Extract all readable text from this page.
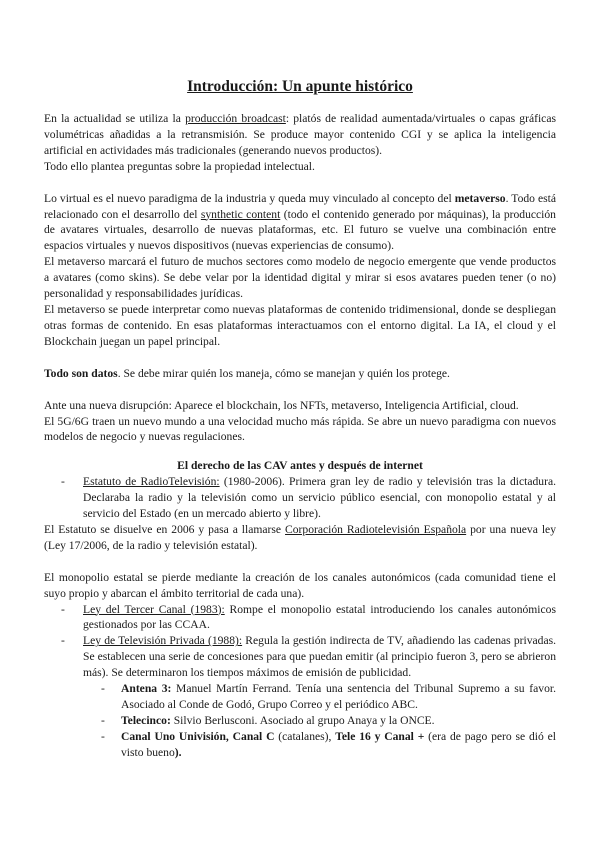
Introducción: Un apunte histórico

En la actualidad se utiliza la producción broadcast: platós de realidad aumentada/virtuales o capas gráficas volumétricas añadidas a la retransmisión. Se produce mayor contenido CGI y se aplica la inteligencia artificial en actividades más tradicionales (generando nuevos productos).

Todo ello plantea preguntas sobre la propiedad intelectual.

Lo virtual es el nuevo paradigma de la industria y queda muy vinculado al concepto del metaverso. Todo está relacionado con el desarrollo del synthetic content (todo el contenido generado por máquinas), la producción de avatares virtuales, desarrollo de nuevas plataformas, etc. El futuro se vuelve una combinación entre espacios virtuales y nuevos dispositivos (nuevas experiencias de consumo).

El metaverso marcará el futuro de muchos sectores como modelo de negocio emergente que vende productos a avatares (como skins). Se debe velar por la identidad digital y mirar si esos avatares pueden tener (o no) personalidad y responsabilidades jurídicas.

El metaverso se puede interpretar como nuevas plataformas de contenido tridimensional, donde se despliegan otras formas de contenido. En esas plataformas interactuamos con el entorno digital. La IA, el cloud y el Blockchain juegan un papel principal.

Todo son datos. Se debe mirar quién los maneja, cómo se manejan y quién los protege.

Ante una nueva disrupción: Aparece el blockchain, los NFTs, metaverso, Inteligencia Artificial, cloud.

El 5G/6G traen un nuevo mundo a una velocidad mucho más rápida. Se abre un nuevo paradigma con nuevos modelos de negocio y nuevas regulaciones.

El derecho de las CAV antes y después de internet

- Estatuto de RadioTelevisión: (1980-2006). Primera gran ley de radio y televisión tras la dictadura. Declaraba la radio y la televisión como un servicio público esencial, con monopolio estatal y al servicio del Estado (en un mercado abierto y libre).

El Estatuto se disuelve en 2006 y pasa a llamarse Corporación Radiotelevisión Española por una nueva ley (Ley 17/2006, de la radio y televisión estatal).

El monopolio estatal se pierde mediante la creación de los canales autonómicos (cada comunidad tiene el suyo propio y abarcan el ámbito territorial de cada una).

- Ley del Tercer Canal (1983): Rompe el monopolio estatal introduciendo los canales autonómicos gestionados por las CCAA.
- Ley de Televisión Privada (1988): Regula la gestión indirecta de TV, añadiendo las cadenas privadas. Se establecen una serie de concesiones para que puedan emitir (al principio fueron 3, pero se abrieron más). Se determinaron los tiempos máximos de emisión de publicidad.
- Antena 3: Manuel Martín Ferrand. Tenía una sentencia del Tribunal Supremo a su favor. Asociado al Conde de Godó, Grupo Correo y el periódico ABC.
- Telecinco: Silvio Berlusconi. Asociado al grupo Anaya y la ONCE.
- Canal Uno Univisión, Canal C (catalanes), Tele 16 y Canal + (era de pago pero se dió el visto bueno).
